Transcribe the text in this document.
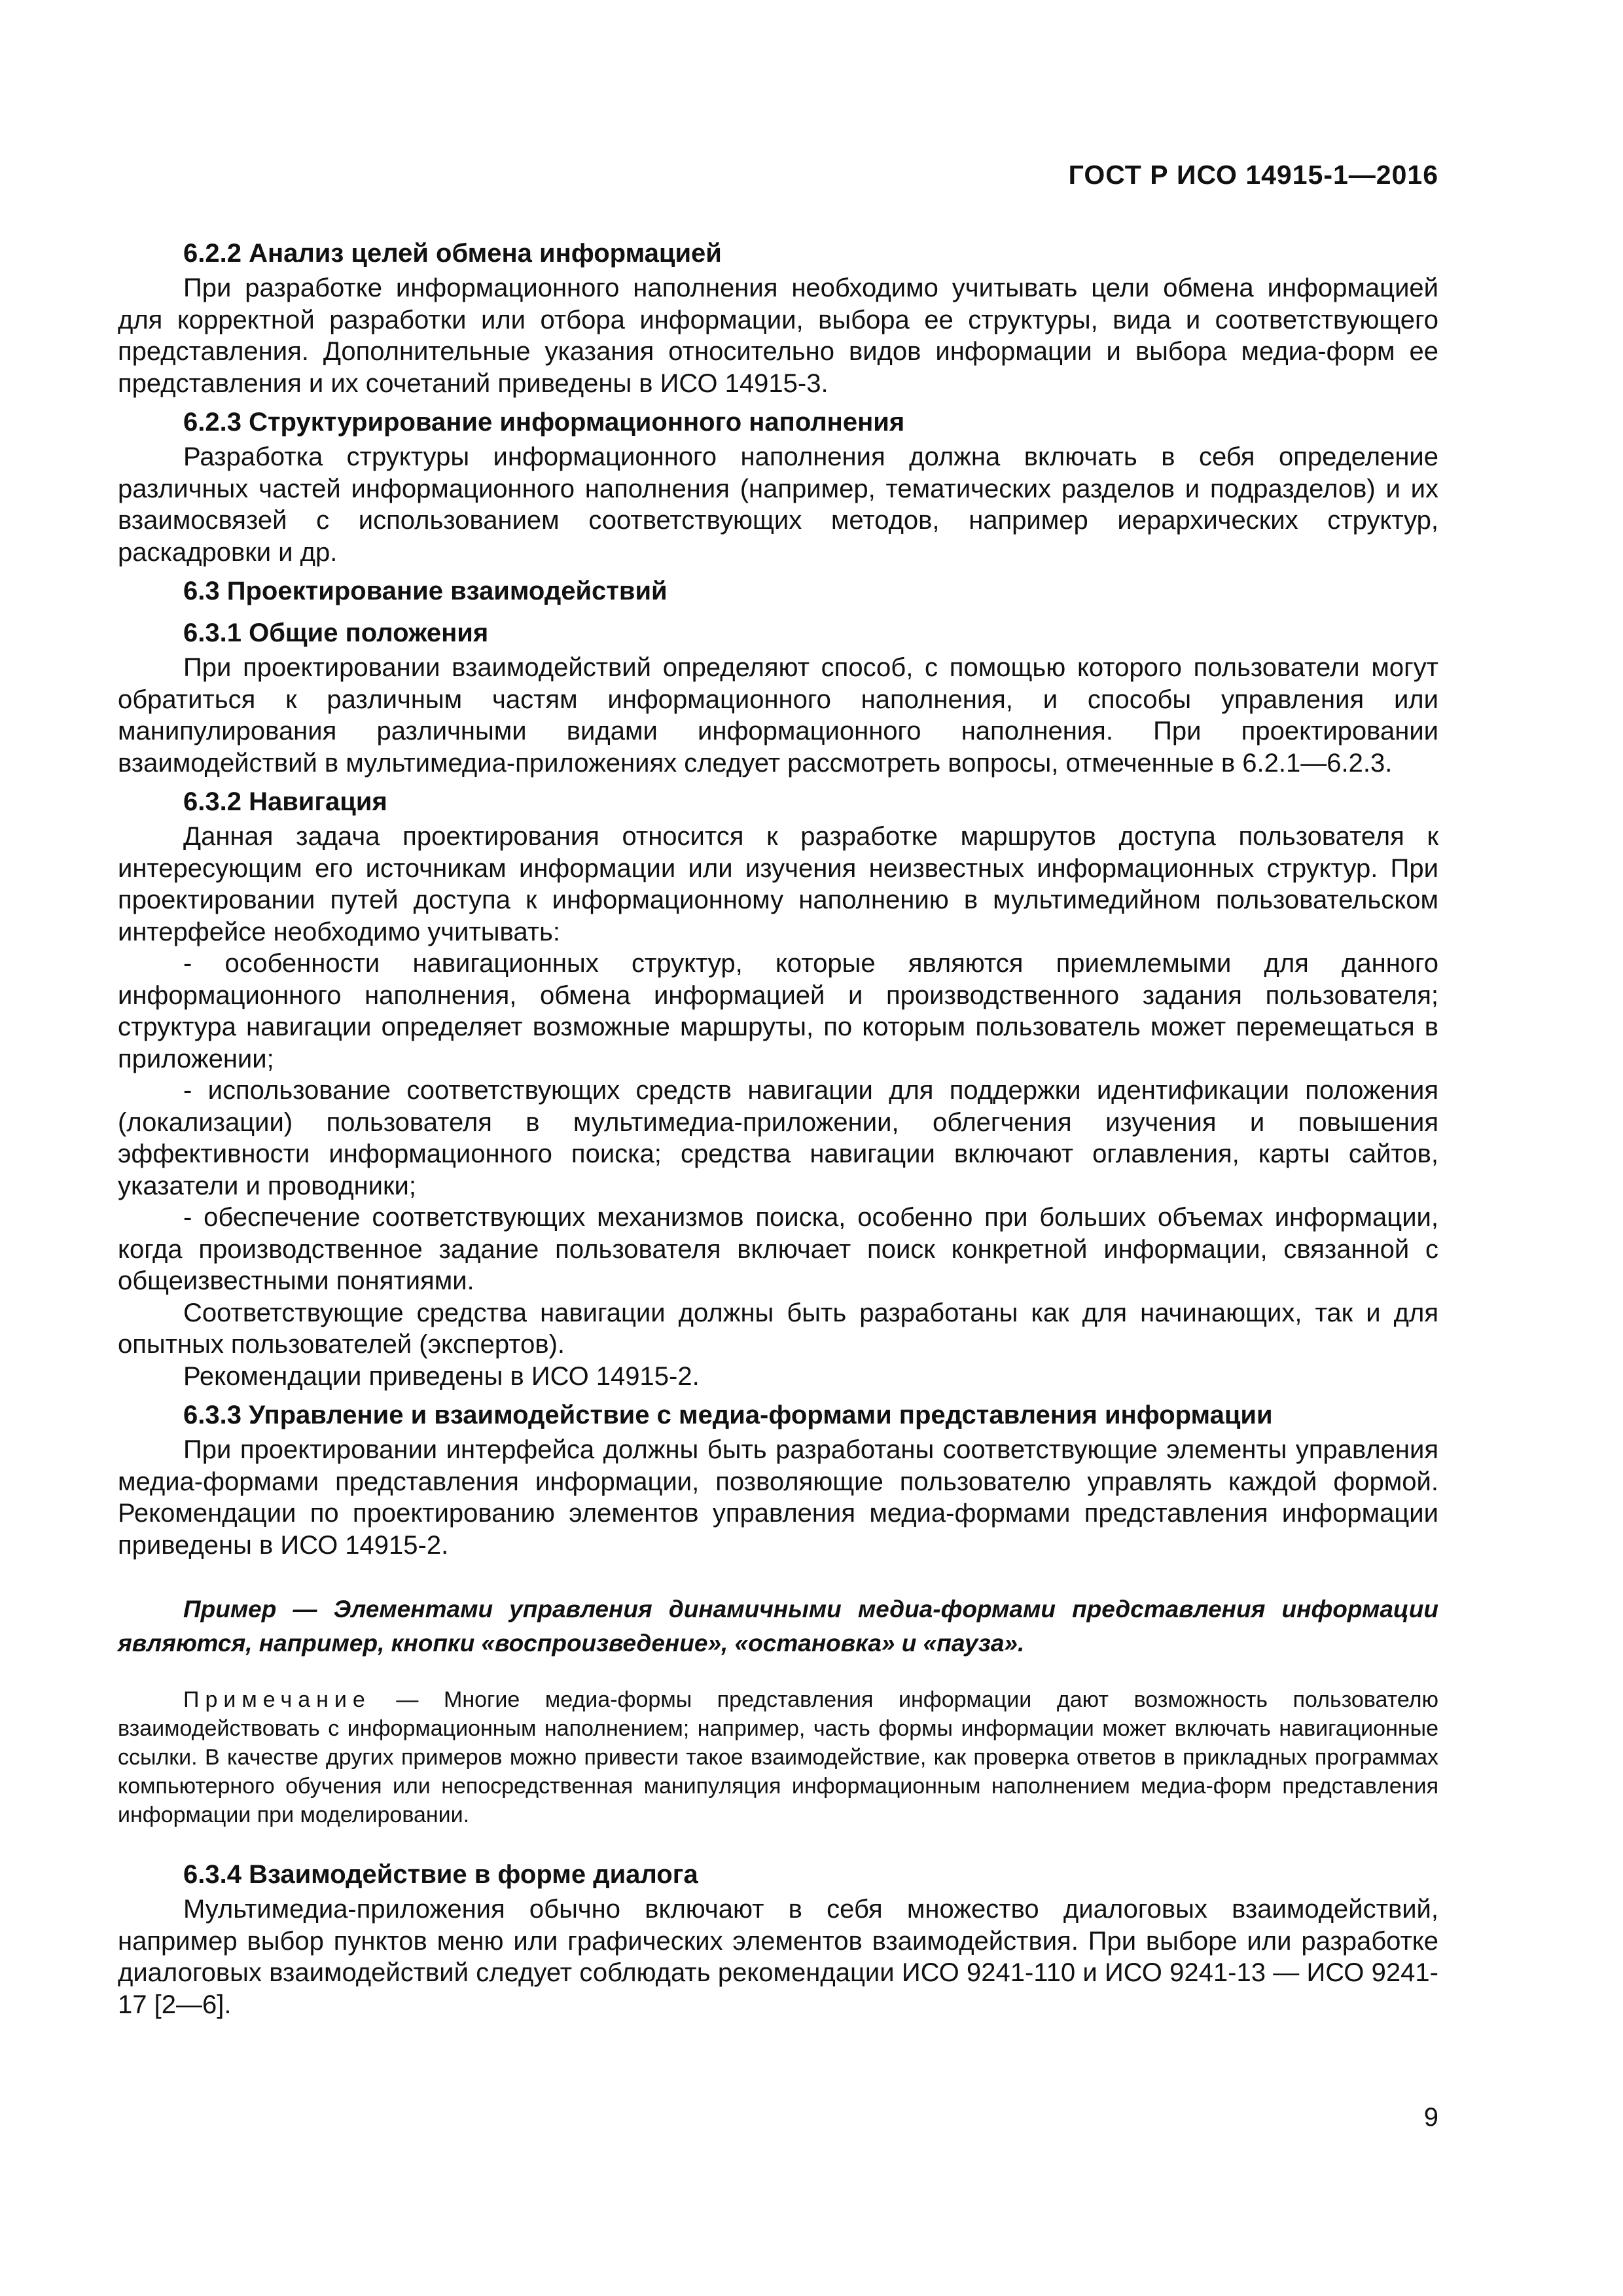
ГОСТ Р ИСО 14915-1—2016
6.2.2 Анализ целей обмена информацией

При разработке информационного наполнения необходимо учитывать цели обмена информацией для корректной разработки или отбора информации, выбора ее структуры, вида и соответствующего представления. Дополнительные указания относительно видов информации и выбора медиа-форм ее представления и их сочетаний приведены в ИСО 14915-3.

6.2.3 Структурирование информационного наполнения

Разработка структуры информационного наполнения должна включать в себя определение различных частей информационного наполнения (например, тематических разделов и подразделов) и их взаимосвязей с использованием соответствующих методов, например иерархических структур, раскадровки и др.

6.3 Проектирование взаимодействий
6.3.1 Общие положения

При проектировании взаимодействий определяют способ, с помощью которого пользователи могут обратиться к различным частям информационного наполнения, и способы управления или манипулирования различными видами информационного наполнения. При проектировании взаимодействий в мультимедиа-приложениях следует рассмотреть вопросы, отмеченные в 6.2.1—6.2.3.

6.3.2 Навигация

Данная задача проектирования относится к разработке маршрутов доступа пользователя к интересующим его источникам информации или изучения неизвестных информационных структур. При проектировании путей доступа к информационному наполнению в мультимедийном пользовательском интерфейсе необходимо учитывать:

- особенности навигационных структур, которые являются приемлемыми для данного информационного наполнения, обмена информацией и производственного задания пользователя; структура навигации определяет возможные маршруты, по которым пользователь может перемещаться в приложении;

- использование соответствующих средств навигации для поддержки идентификации положения (локализации) пользователя в мультимедиа-приложении, облегчения изучения и повышения эффективности информационного поиска; средства навигации включают оглавления, карты сайтов, указатели и проводники;

- обеспечение соответствующих механизмов поиска, особенно при больших объемах информации, когда производственное задание пользователя включает поиск конкретной информации, связанной с общеизвестными понятиями.

Соответствующие средства навигации должны быть разработаны как для начинающих, так и для опытных пользователей (экспертов).

Рекомендации приведены в ИСО 14915-2.

6.3.3 Управление и взаимодействие с медиа-формами представления информации

При проектировании интерфейса должны быть разработаны соответствующие элементы управления медиа-формами представления информации, позволяющие пользователю управлять каждой формой. Рекомендации по проектированию элементов управления медиа-формами представления информации приведены в ИСО 14915-2.

Пример — Элементами управления динамичными медиа-формами представления информации являются, например, кнопки «воспроизведение», «остановка» и «пауза».

Примечание — Многие медиа-формы представления информации дают возможность пользователю взаимодействовать с информационным наполнением; например, часть формы информации может включать навигационные ссылки. В качестве других примеров можно привести такое взаимодействие, как проверка ответов в прикладных программах компьютерного обучения или непосредственная манипуляция информационным наполнением медиа-форм представления информации при моделировании.

6.3.4 Взаимодействие в форме диалога

Мультимедиа-приложения обычно включают в себя множество диалоговых взаимодействий, например выбор пунктов меню или графических элементов взаимодействия. При выборе или разработке диалоговых взаимодействий следует соблюдать рекомендации ИСО 9241-110 и ИСО 9241-13 — ИСО 9241-17 [2—6].

9
